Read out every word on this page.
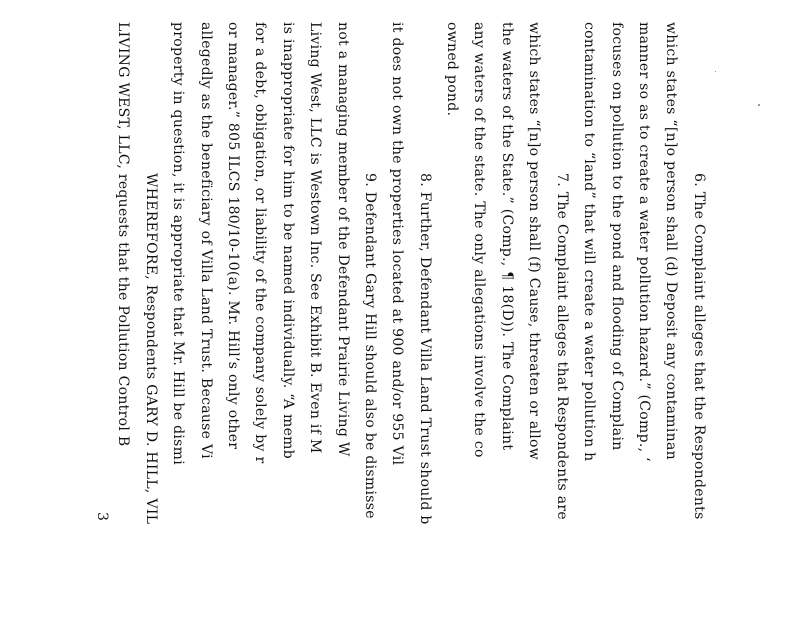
6. The Complaint alleges that the Respondents
which states “[n]o person shall (d) Deposit any contaminan
manner so as to create a water pollution hazard.” (Comp., ‘
focuses on pollution to the pond and flooding of Complain
contamination to “land” that will create a water pollution h
7. The Complaint alleges that Respondents are
which states “[n]o person shall (f) Cause, threaten or allow
the waters of the State.” (Comp., ¶ 18(D)). The Complaint
any waters of the state. The only allegations involve the co
owned pond.
8. Further, Defendant Villa Land Trust should b
it does not own the properties located at 900 and/or 955 Vil
9. Defendant Gary Hill should also be dismisse
not a managing member of the Defendant Prairie Living W
Living West, LLC is Westown Inc. See Exhibit B. Even if M
is inappropriate for him to be named individually. “A memb
for a debt, obligation, or liability of the company solely by r
or manager.” 805 ILCS 180/10-10(a). Mr. Hill’s only other
allegedly as the beneficiary of Villa Land Trust. Because Vi
property in question, it is appropriate that Mr. Hill be dismi
WHEREFORE, Respondents GARY D. HILL, VIL
LIVING WEST, LLC, requests that the Pollution Control B
3
